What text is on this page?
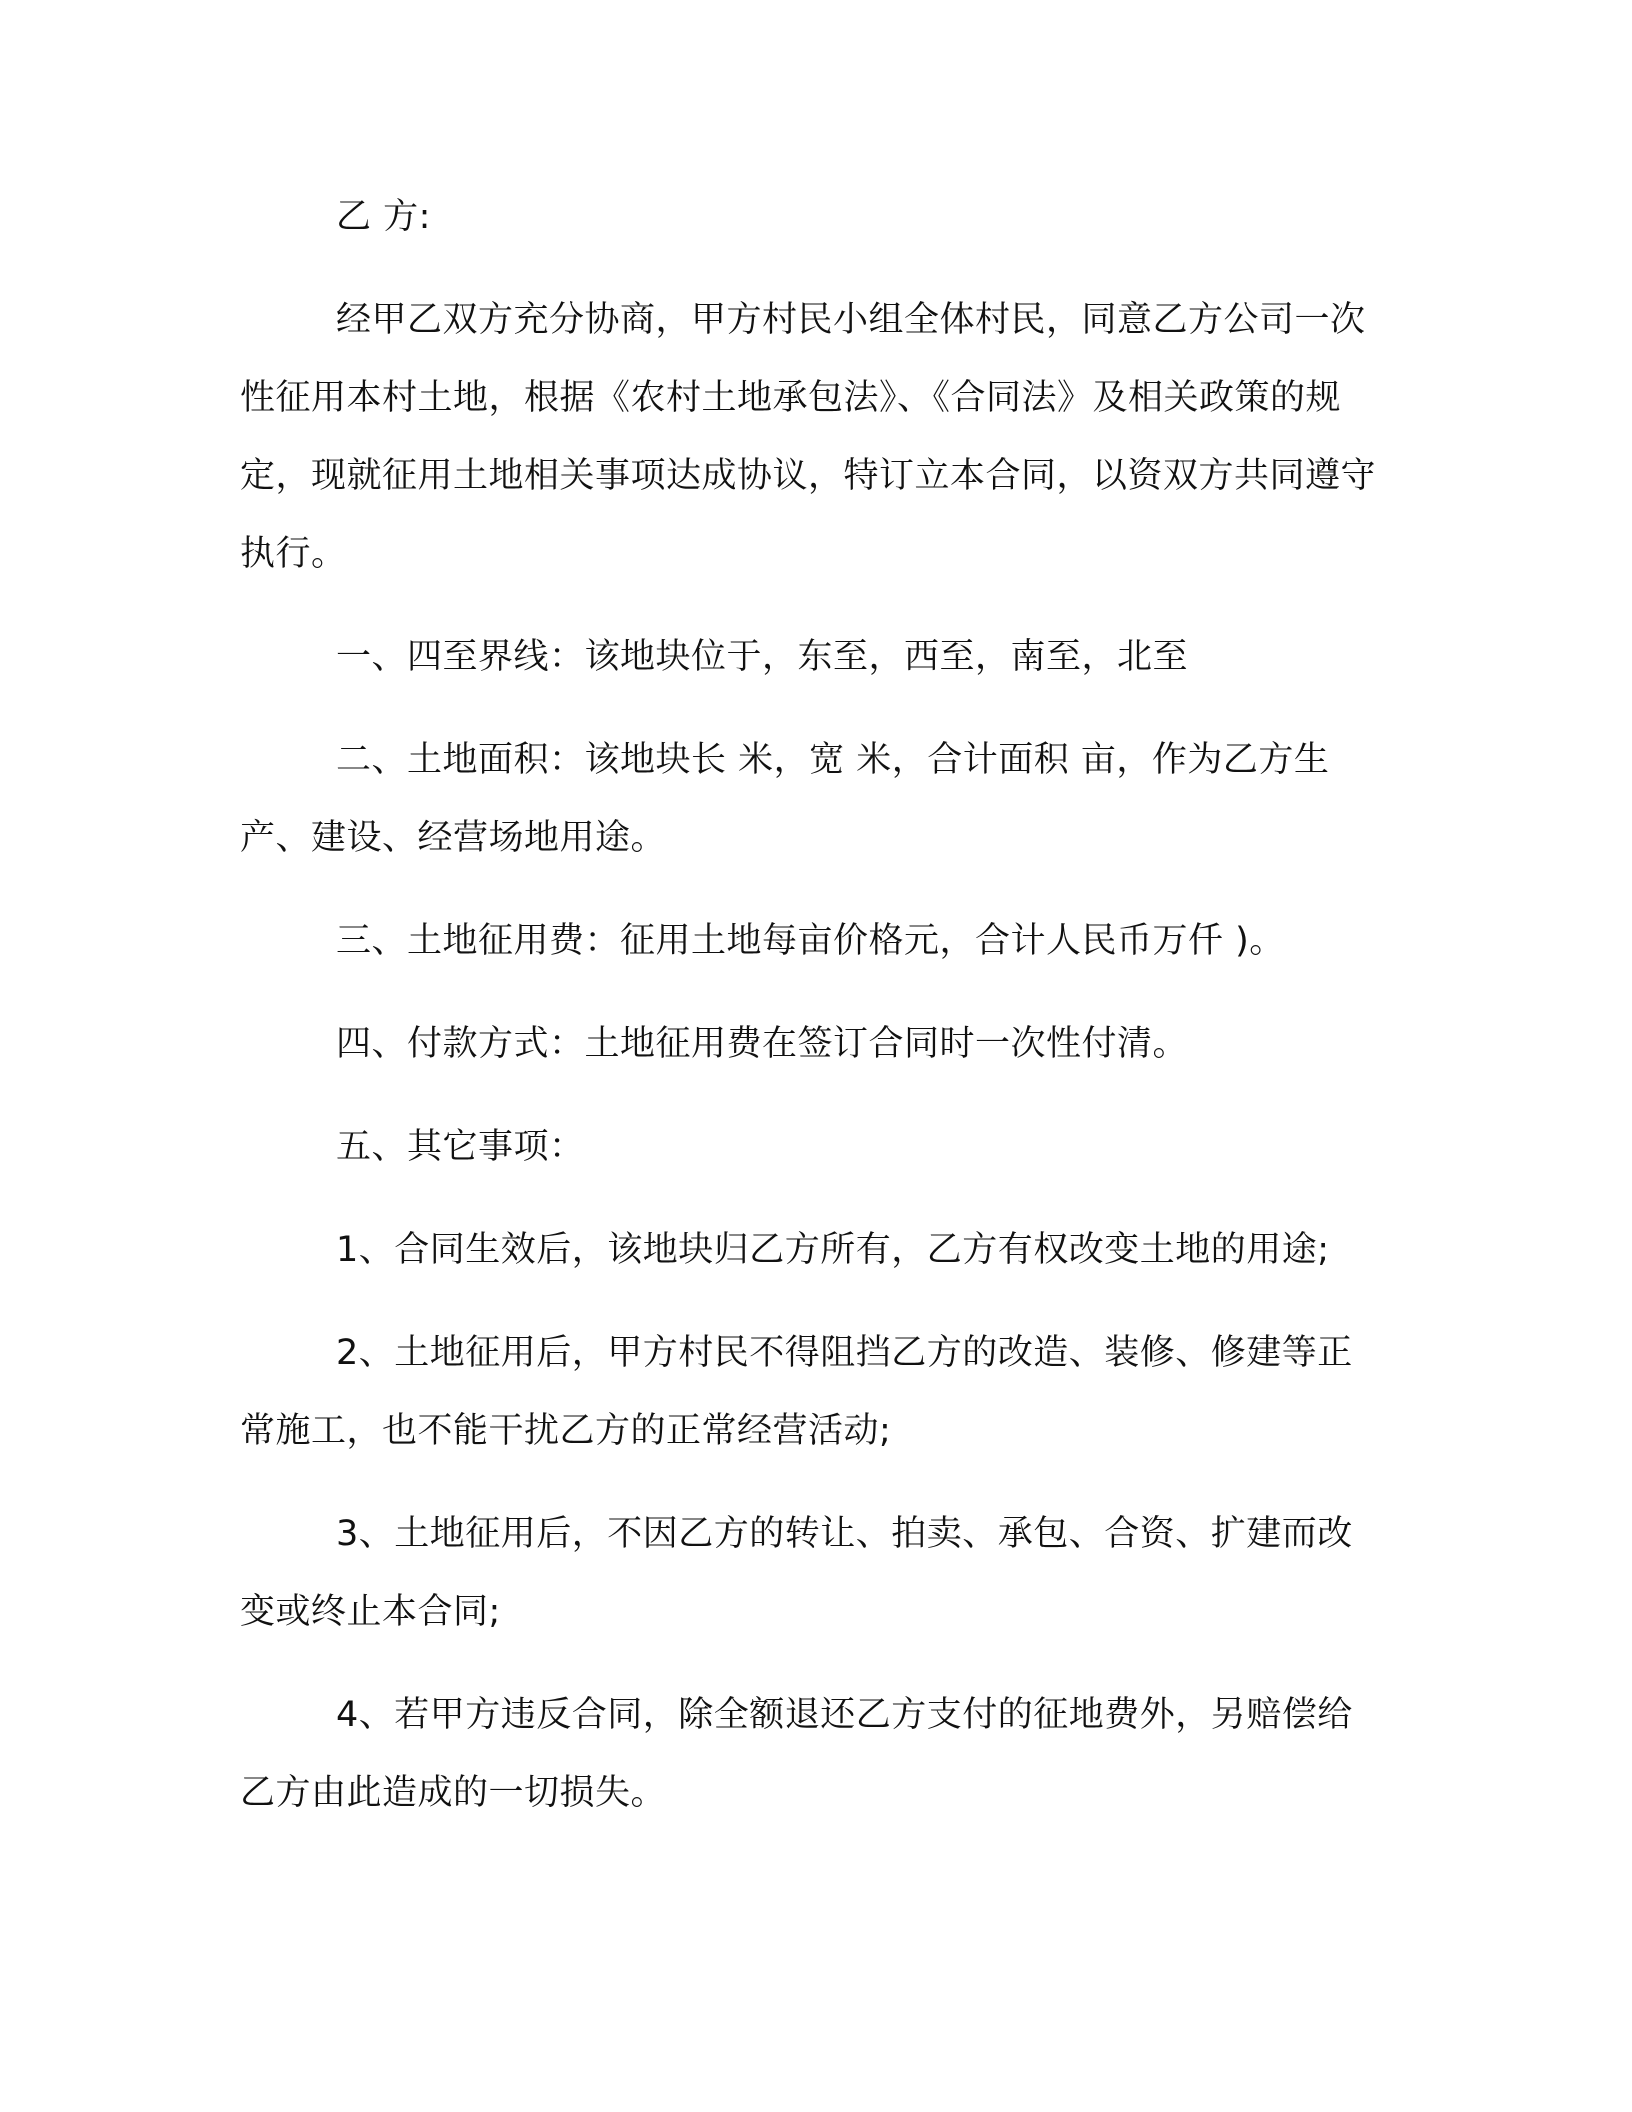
乙 方:

经甲乙双方充分协商，甲方村民小组全体村民，同意乙方公司一次性征用本村土地，根据《农村土地承包法》、《合同法》及相关政策的规定，现就征用土地相关事项达成协议，特订立本合同，以资双方共同遵守执行。

一、四至界线：该地块位于，东至，西至，南至，北至

二、土地面积：该地块长 米，宽 米，合计面积 亩，作为乙方生产、建设、经营场地用途。

三、土地征用费：征用土地每亩价格元，合计人民币万仟 )。

四、付款方式：土地征用费在签订合同时一次性付清。

五、其它事项：

1、合同生效后，该地块归乙方所有，乙方有权改变土地的用途;

2、土地征用后，甲方村民不得阻挡乙方的改造、装修、修建等正常施工，也不能干扰乙方的正常经营活动;

3、土地征用后，不因乙方的转让、拍卖、承包、合资、扩建而改变或终止本合同;

4、若甲方违反合同，除全额退还乙方支付的征地费外，另赔偿给乙方由此造成的一切损失。
